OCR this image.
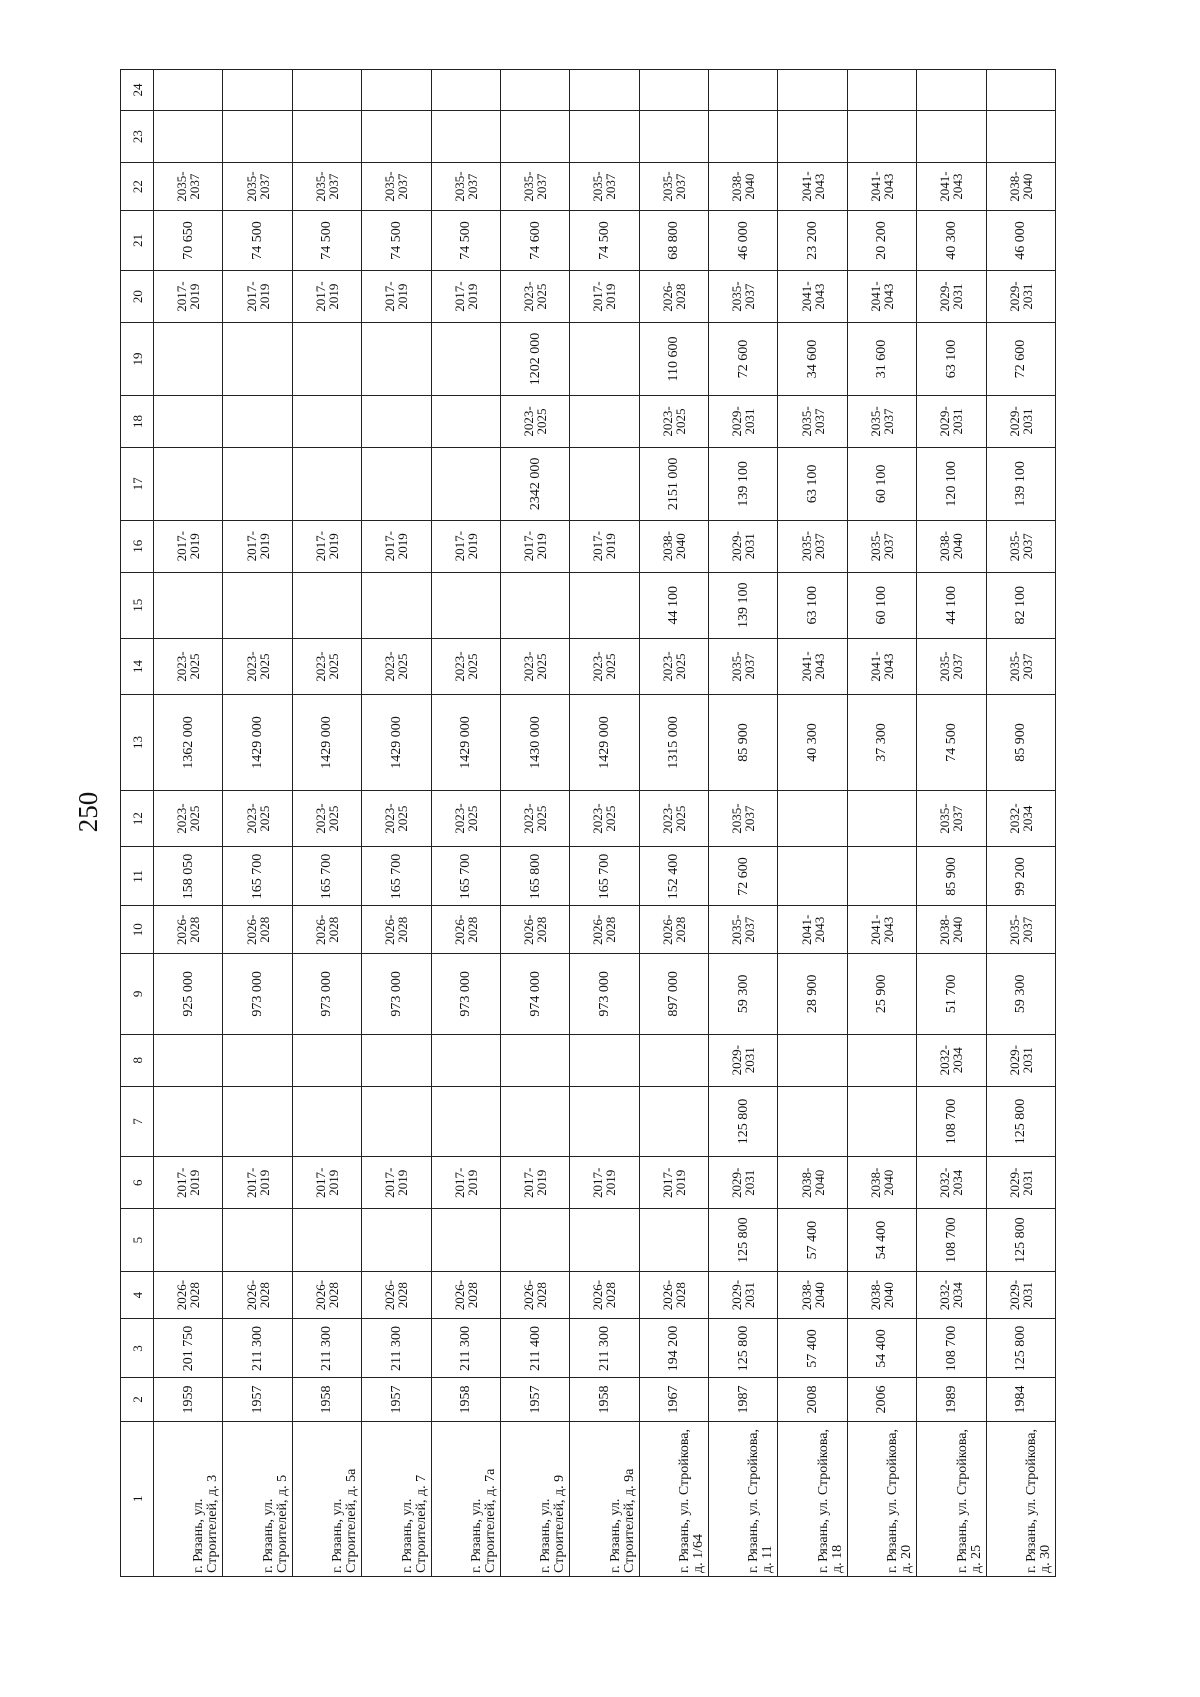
250
1	2	3	4	5	6	7	8	9	10	11	12	13	14	15	16	17	18	19	20	21	22	23	24
г. Рязань, ул. Строителей, д. 3	1959	201 750	2026-2028		2017-2019			925 000	2026-2028	158 050	2023-2025	1362 000	2023-2025		2017-2019				2017-2019	70 650	2035-2037		
г. Рязань, ул. Строителей, д. 5	1957	211 300	2026-2028		2017-2019			973 000	2026-2028	165 700	2023-2025	1429 000	2023-2025		2017-2019				2017-2019	74 500	2035-2037		
г. Рязань, ул. Строителей, д. 5а	1958	211 300	2026-2028		2017-2019			973 000	2026-2028	165 700	2023-2025	1429 000	2023-2025		2017-2019				2017-2019	74 500	2035-2037		
г. Рязань, ул. Строителей, д. 7	1957	211 300	2026-2028		2017-2019			973 000	2026-2028	165 700	2023-2025	1429 000	2023-2025		2017-2019				2017-2019	74 500	2035-2037		
г. Рязань, ул. Строителей, д. 7а	1958	211 300	2026-2028		2017-2019			973 000	2026-2028	165 700	2023-2025	1429 000	2023-2025		2017-2019				2017-2019	74 500	2035-2037		
г. Рязань, ул. Строителей, д. 9	1957	211 400	2026-2028		2017-2019			974 000	2026-2028	165 800	2023-2025	1430 000	2023-2025		2017-2019	2342 000	2023-2025	1202 000	2023-2025	74 600	2035-2037		
г. Рязань, ул. Строителей, д. 9а	1958	211 300	2026-2028		2017-2019			973 000	2026-2028	165 700	2023-2025	1429 000	2023-2025		2017-2019				2017-2019	74 500	2035-2037		
г. Рязань, ул. Стройкова, д. 1/64	1967	194 200	2026-2028		2017-2019			897 000	2026-2028	152 400	2023-2025	1315 000	2023-2025	44 100	2038-2040	2151 000	2023-2025	110 600	2026-2028	68 800	2035-2037		
г. Рязань, ул. Стройкова, д. 11	1987	125 800	2029-2031	125 800	2029-2031	125 800	2029-2031	59 300	2035-2037	72 600	2035-2037	85 900	2035-2037	139 100	2029-2031	139 100	2029-2031	72 600	2035-2037	46 000	2038-2040		
г. Рязань, ул. Стройкова, д. 18	2008	57 400	2038-2040	57 400	2038-2040			28 900	2041-2043			40 300	2041-2043	63 100	2035-2037	63 100	2035-2037	34 600	2041-2043	23 200	2041-2043		
г. Рязань, ул. Стройкова, д. 20	2006	54 400	2038-2040	54 400	2038-2040			25 900	2041-2043			37 300	2041-2043	60 100	2035-2037	60 100	2035-2037	31 600	2041-2043	20 200	2041-2043		
г. Рязань, ул. Стройкова, д. 25	1989	108 700	2032-2034	108 700	2032-2034	108 700	2032-2034	51 700	2038-2040	85 900	2035-2037	74 500	2035-2037	44 100	2038-2040	120 100	2029-2031	63 100	2029-2031	40 300	2041-2043		
г. Рязань, ул. Стройкова, д. 30	1984	125 800	2029-2031	125 800	2029-2031	125 800	2029-2031	59 300	2035-2037	99 200	2032-2034	85 900	2035-2037	82 100	2035-2037	139 100	2029-2031	72 600	2029-2031	46 000	2038-2040		
